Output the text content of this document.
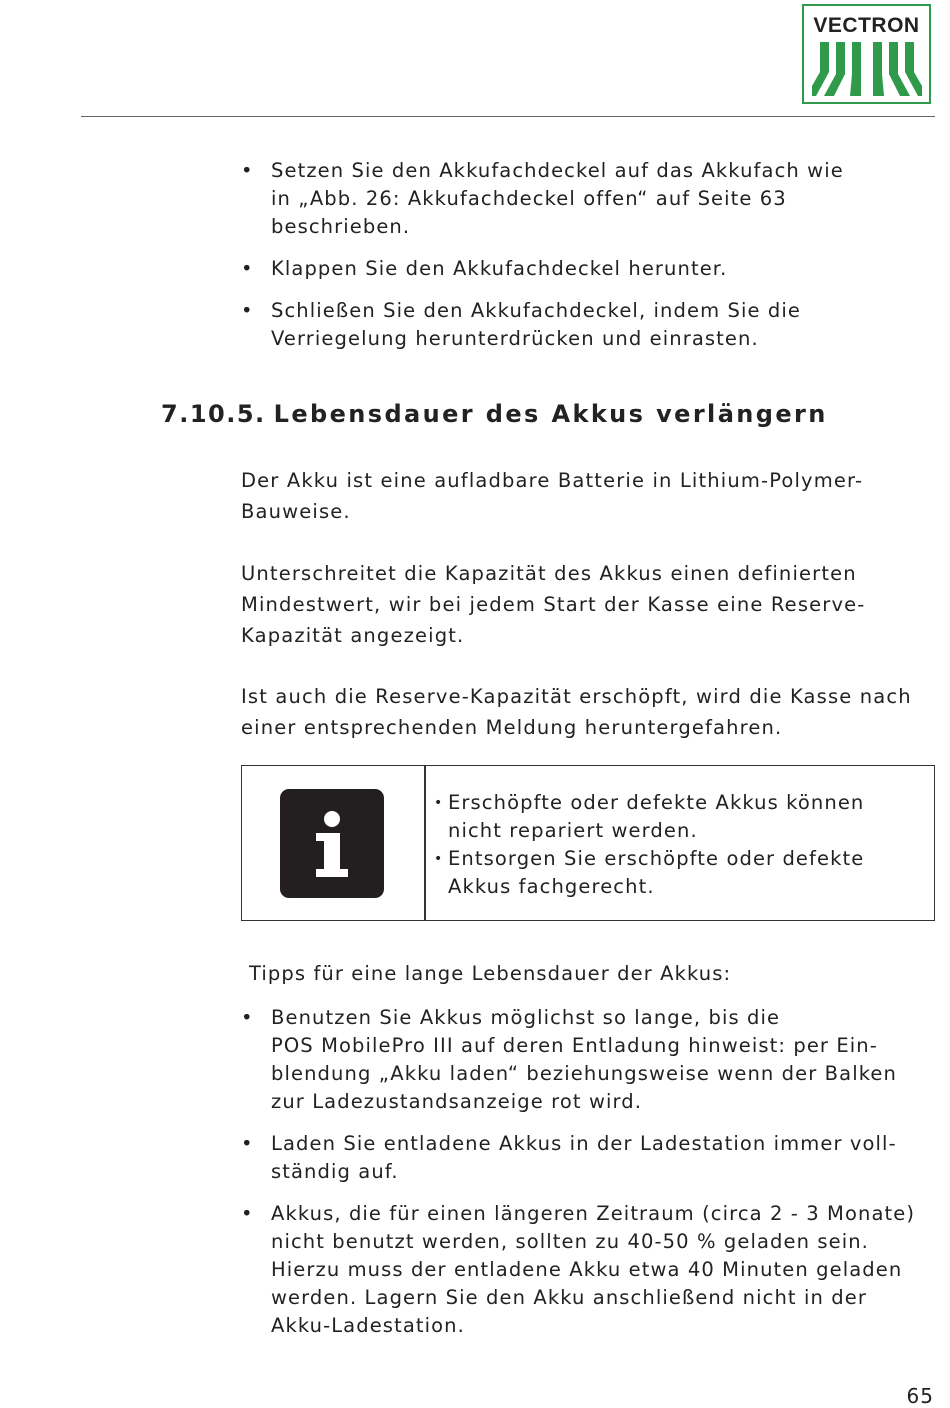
VECTRON
• Setzen Sie den Akkufachdeckel auf das Akkufach wie
in „Abb. 26: Akkufachdeckel offen“ auf Seite 63
beschrieben.
• Klappen Sie den Akkufachdeckel herunter.
• Schließen Sie den Akkufachdeckel, indem Sie die
Verriegelung herunterdrücken und einrasten.
7.10.5. Lebensdauer des Akkus verlängern

Der Akku ist eine aufladbare Batterie in Lithium-Polymer-
Bauweise.

Unterschreitet die Kapazität des Akkus einen definierten
Mindestwert, wir bei jedem Start der Kasse eine Reserve-
Kapazität angezeigt.

Ist auch die Reserve-Kapazität erschöpft, wird die Kasse nach
einer entsprechenden Meldung heruntergefahren.

• Erschöpfte oder defekte Akkus können
nicht repariert werden.
• Entsorgen Sie erschöpfte oder defekte
Akkus fachgerecht.
Tipps für eine lange Lebensdauer der Akkus:
• Benutzen Sie Akkus möglichst so lange, bis die
POS MobilePro III auf deren Entladung hinweist: per Ein-
blendung „Akku laden“ beziehungsweise wenn der Balken
zur Ladezustandsanzeige rot wird.
• Laden Sie entladene Akkus in der Ladestation immer voll-
ständig auf.
• Akkus, die für einen längeren Zeitraum (circa 2 - 3 Monate)
nicht benutzt werden, sollten zu 40-50 % geladen sein.
Hierzu muss der entladene Akku etwa 40 Minuten geladen
werden. Lagern Sie den Akku anschließend nicht in der
Akku-Ladestation.
65
